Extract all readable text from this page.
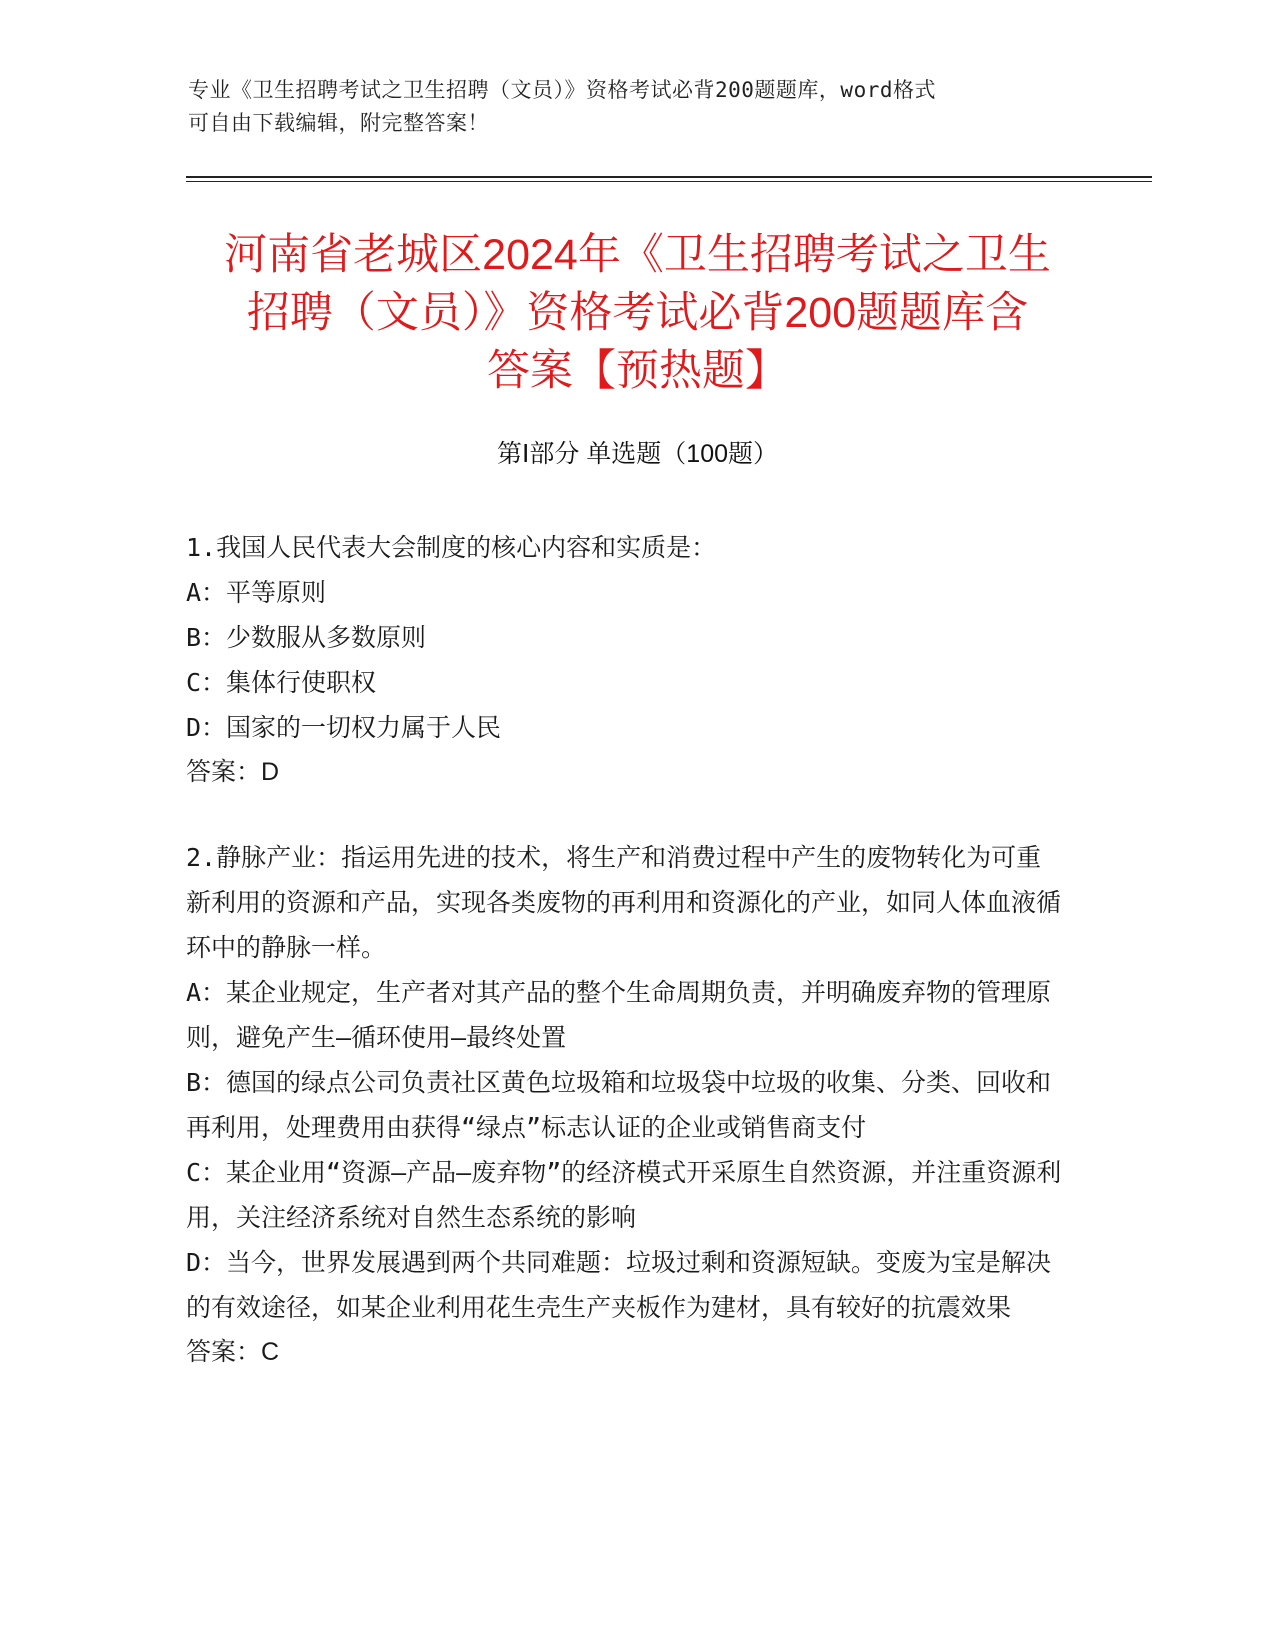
专业《卫生招聘考试之卫生招聘（文员）》资格考试必背200题题库，word格式
可自由下载编辑，附完整答案！
河南省老城区2024年《卫生招聘考试之卫生
招聘（文员）》资格考试必背200题题库含
答案【预热题】
第Ⅰ部分 单选题（100题）

1.我国人民代表大会制度的核心内容和实质是：

A：平等原则

B：少数服从多数原则

C：集体行使职权

D：国家的一切权力属于人民

答案：D

2.静脉产业：指运用先进的技术，将生产和消费过程中产生的废物转化为可重新利用的资源和产品，实现各类废物的再利用和资源化的产业，如同人体血液循环中的静脉一样。

A：某企业规定，生产者对其产品的整个生命周期负责，并明确废弃物的管理原则，避免产生—循环使用—最终处置

B：德国的绿点公司负责社区黄色垃圾箱和垃圾袋中垃圾的收集、分类、回收和再利用，处理费用由获得“绿点”标志认证的企业或销售商支付

C：某企业用“资源—产品—废弃物”的经济模式开采原生自然资源，并注重资源利用，关注经济系统对自然生态系统的影响

D：当今，世界发展遇到两个共同难题：垃圾过剩和资源短缺。变废为宝是解决的有效途径，如某企业利用花生壳生产夹板作为建材，具有较好的抗震效果

答案：C
